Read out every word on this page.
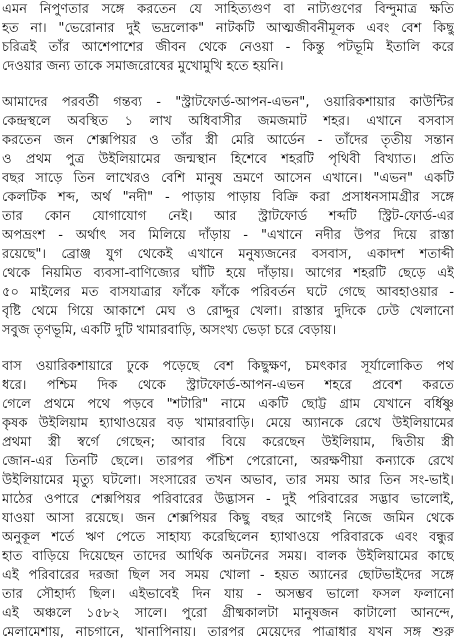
এমন নিপুণতার সঙ্গে করতেন যে সাহিত্যগুণ বা নাট্যগুণের বিন্দুমাত্র ক্ষতি
হত না। "ভেরোনার দুই ভদ্রলোক" নাটকটি আত্মজীবনীমূলক এবং বেশ কিছু
চরিত্রই তাঁর আশেপাশের জীবন থেকে নেওয়া - কিন্তু পটভূমি ইতালি করে
দেওয়ার জন্য তাকে সমাজরোষের মুখোমুখি হতে হয়নি।

আমাদের পরবর্তী গন্তব্য - "স্ট্রাটফোর্ড-আপন-এভন", ওয়ারিকশায়ার কাউন্টির
কেন্দ্রস্থলে অবস্থিত ১ লাখ অধিবাসীর জমজমাট শহর। এখানে বসবাস
করতেন জন শেক্সপিয়র ও তাঁর স্ত্রী মেরি আর্ডেন - তাঁদের তৃতীয় সন্তান
ও প্রথম পুত্র উইলিয়ামের জন্মস্থান হিশেবে শহরটি পৃথিবী বিখ্যাত। প্রতি
বছর সাড়ে তিন লাখেরও বেশি মানুষ ভ্রমণে আসেন এখানে। "এভন" একটি
কেলটিক শব্দ, অর্থ "নদী" - পাড়ায় পাড়ায় বিক্রি করা প্রসাধনসামগ্রীর সঙ্গে
তার কোন যোগাযোগ নেই। আর স্ট্রাটফোর্ড শব্দটি স্ট্রিট-ফোর্ড-এর
অপভ্রংশ - অর্থাৎ সব মিলিয়ে দাঁড়ায় - "এখানে নদীর উপর দিয়ে রাস্তা
রয়েছে"। ব্রোঞ্জ যুগ থেকেই এখানে মনুষ্যজনের বসবাস, একাদশ শতাব্দী
থেকে নিয়মিত ব্যবসা-বাণিজ্যের ঘাঁটি হয়ে দাঁড়ায়। আগের শহরটি ছেড়ে এই
৫০ মাইলের মত বাসযাত্রার ফাঁকে ফাঁকে পরিবর্তন ঘটে গেছে আবহাওয়ার -
বৃষ্টি থেমে গিয়ে আকাশে মেঘ ও রোদ্দুর খেলা। রাস্তার দুদিকে ঢেউ খেলানো
সবুজ তৃণভূমি, একটি দুটি খামারবাড়ি, অসংখ্য ভেড়া চরে বেড়ায়।

বাস ওয়ারিকশায়ারে ঢুকে পড়েছে বেশ কিছুক্ষণ, চমৎকার সূর্যালোকিত পথ
ধরে। পশ্চিম দিক থেকে স্ট্রাটফোর্ড-আপন-এভন শহরে প্রবেশ করতে
গেলে প্রথমে পথে পড়বে "শটারি" নামে একটি ছোট্ট গ্রাম যেখানে বর্ধিষ্ণু
কৃষক উইলিয়াম হ্যাথাওয়ের বড় খামারবাড়ি। মেয়ে অ্যানকে রেখে উইলিয়ামের
প্রথমা স্ত্রী স্বর্গে গেছেন; আবার বিয়ে করেছেন উইলিয়াম, দ্বিতীয় স্ত্রী
জোন-এর তিনটি ছেলে। তারপর পঁচিশ পেরোনো, অরক্ষণীয়া কন্যাকে রেখে
উইলিয়ামের মৃত্যু ঘটলো। সংসারের তখন অভাব, তার সময় আর তিন সং-ভাই।
মাঠের ওপারে শেক্সপিয়র পরিবারের উদ্ভাসন - দুই পরিবারের সদ্ভাব ভালোই,
যাওয়া আসা রয়েছে। জন শেক্সপিয়র কিছু বছর আগেই নিজে জমিন থেকে
অনুকূল শর্তে ঋণ পেতে সাহায্য করেছিলেন হ্যাথাওয়ে পরিবারকে এবং বন্ধুর
হাত বাড়িয়ে দিয়েছেন তাদের আর্থিক অনটনের সময়। বালক উইলিয়ামের কাছে
এই পরিবারের দরজা ছিল সব সময় খোলা - হয়ত অ্যানের ছোটভাইদের সঙ্গে
তার সৌহার্দ্য ছিল। এইভাবেই দিন যায় - অসম্ভব ভালো ফসল ফলানো
এই অঞ্চলে ১৫৮২ সালে। পুরো গ্রীষ্মকালটা মানুষজন কাটালো আনন্দে,
মেলামেশায়, নাচগানে, খানাপিনায়। তারপর মেয়েদের পাত্রাধার যখন সঙ্গ শুরু
